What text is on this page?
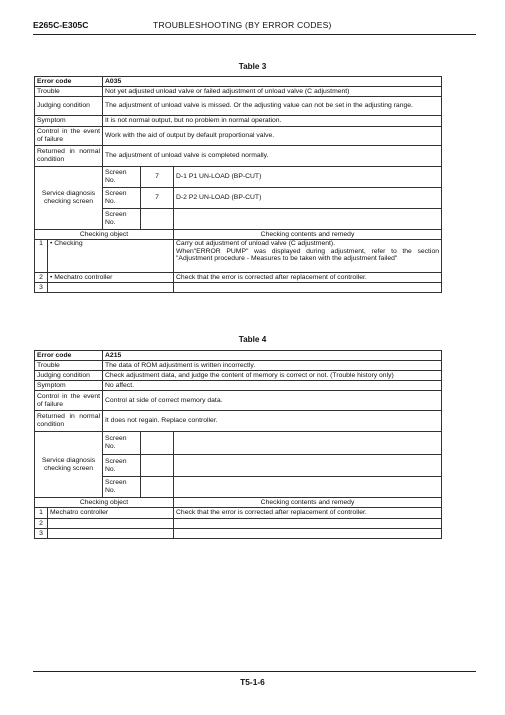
E265C-E305C	TROUBLESHOOTING (BY ERROR CODES)
Table 3
Error code		A035		
Trouble		Not yet adjusted unload valve or failed adjustment of unload valve (C adjustment)		
Judging condition		The adjustment of unload valve is missed. Or the adjusting value can not be set in the adjusting range.		
Symptom		It is not normal output, but no problem in normal operation.		
Control in the event of failure		Work with the aid of output by default proportional valve.		
Returned in normal condition		The adjustment of unload valve is completed normally.		
Service diagnosis checking screen		Screen No.	7	D-1 P1 UN-LOAD (BP-CUT)
		Screen No.	7	D-2 P2 UN-LOAD (BP-CUT)
		Screen No.		
Checking object				Checking contents and remedy
1	• Checking			Carry out adjustment of unload valve (C adjustment).
When"ERROR PUMP" was displayed during adjustment, refer to the section "Adjustment procedure - Measures to be taken with the adjustment failed"

2	• Mechatro controller			Check that the error is corrected after replacement of controller.
3				
Table 4
Error code		A215		
Trouble		The data of ROM adjustment is written incorrectly.		
Judging condition		Check adjustment data, and judge the content of memory is correct or not. (Trouble history only)		
Symptom		No affect.		
Control in the event of failure		Control at side of correct memory data.		
Returned in normal condition		It does not regain. Replace controller.		
Service diagnosis checking screen		Screen No.		
		Screen No.		
		Screen No.		
Checking object				Checking contents and remedy
1	Mechatro controller			Check that the error is corrected after replacement of controller.
2				
3				
T5-1-6
